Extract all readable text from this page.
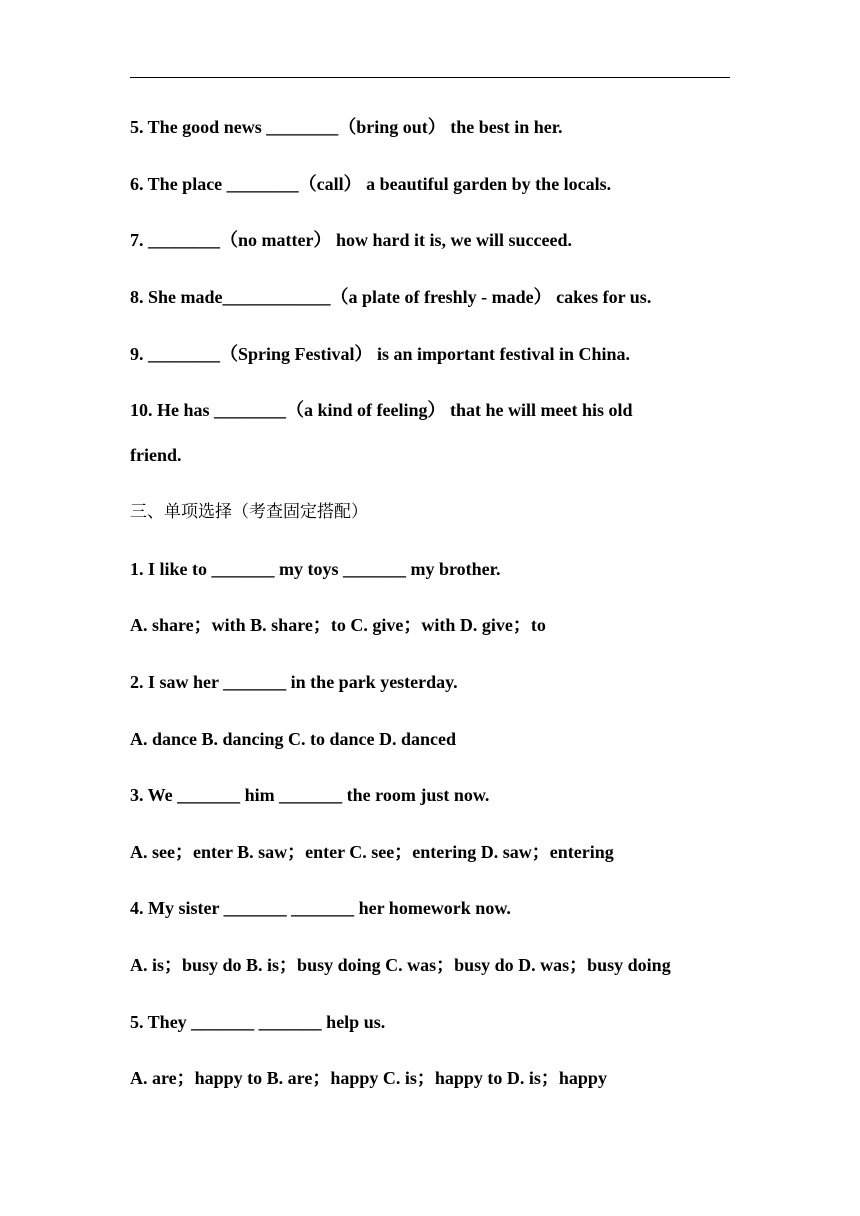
5. The good news ________（bring out） the best in her.
6. The place ________（call） a beautiful garden by the locals.
7. ________（no matter） how hard it is, we will succeed.
8. She made____________（a plate of freshly - made） cakes for us.
9. ________（Spring Festival） is an important festival in China.
10. He has ________（a kind of feeling） that he will meet his old
friend.
三、单项选择（考查固定搭配）
1. I like to _______ my toys _______ my brother.
A. share；with B. share；to C. give；with D. give；to
2. I saw her _______ in the park yesterday.
A. dance B. dancing C. to dance D. danced
3. We _______ him _______ the room just now.
A. see；enter B. saw；enter C. see；entering D. saw；entering
4. My sister _______ _______ her homework now.
A. is；busy do B. is；busy doing C. was；busy do D. was；busy doing
5. They _______ _______ help us.
A. are；happy to B. are；happy C. is；happy to D. is；happy
